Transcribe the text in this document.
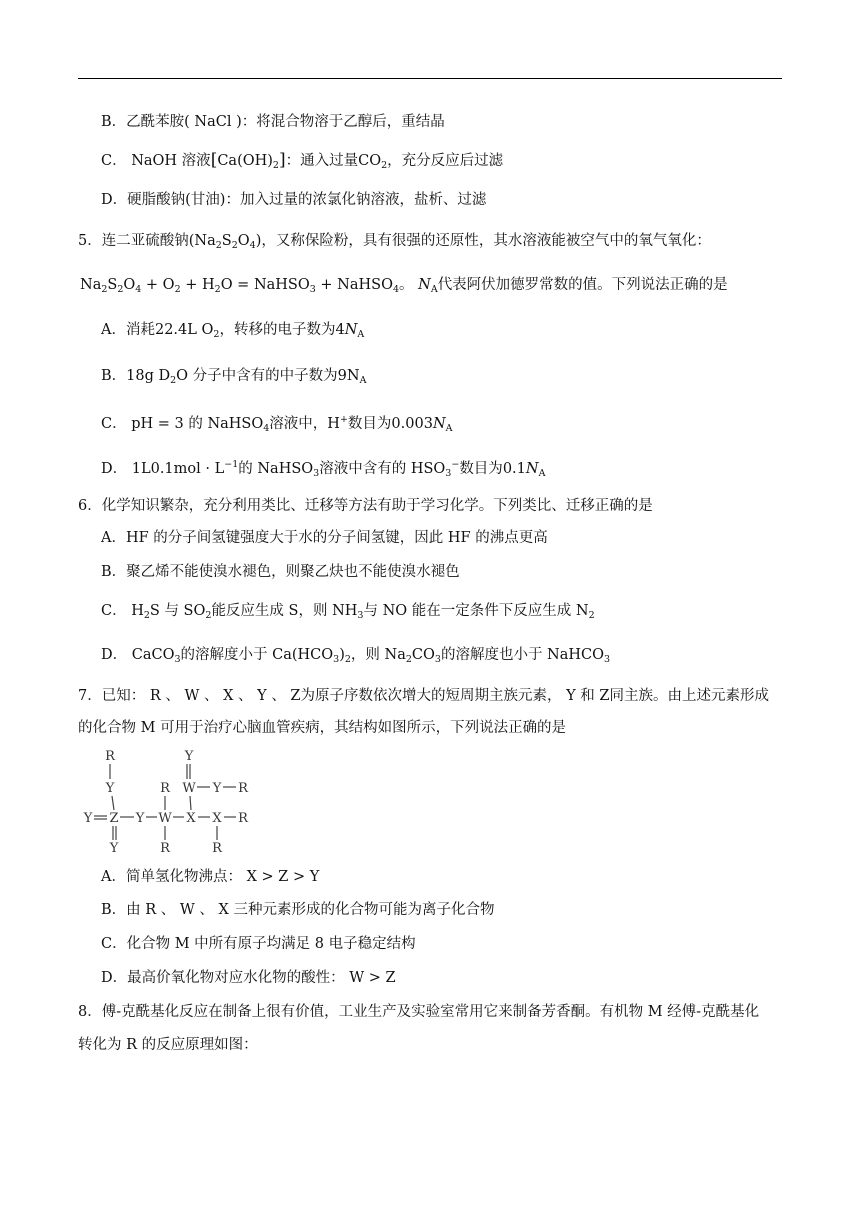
B．乙酰苯胺( NaCl )：将混合物溶于乙醇后，重结晶
C． NaOH 溶液$[Ca(OH)_2]$：通入过量$CO_2$，充分反应后过滤
D．硬脂酸钠(甘油)：加入过量的浓氯化钠溶液，盐析、过滤
5．连二亚硫酸钠$(Na_2S_2O_4)$，又称保险粉，具有很强的还原性，其水溶液能被空气中的氧气氧化：
$Na_2S_2O_4 + O_2 + H_2O$ = NaHSO$_3$ + NaHSO$_4$。 $N_A$代表阿伏加德罗常数的值。下列说法正确的是
A．消耗22.4L $O_2$，转移的电子数为$4N_A$
B．18g $D_2O$ 分子中含有的中子数为$9N_A$
C． pH = 3 的 NaHSO$_4$溶液中，H+数目为$0.003N_A$
D． $1L0.1mol \cdot L^{-1}$的 NaHSO$_3$溶液中含有的 $HSO_3^-$数目为$0.1N_A$
6．化学知识繁杂，充分利用类比、迁移等方法有助于学习化学。下列类比、迁移正确的是
A．HF 的分子间氢键强度大于水的分子间氢键，因此 HF 的沸点更高
B．聚乙烯不能使溴水褪色，则聚乙炔也不能使溴水褪色
C． $H_2S$ 与 $SO_2$能反应生成 S，则 $NH_3$与 NO 能在一定条件下反应生成 $N_2$
D． CaCO$_3$的溶解度小于 $Ca(HCO_3)_2$，则 $Na_2CO_3$的溶解度也小于 NaHCO$_3$
7．已知： R 、 W 、 X 、 Y 、 Z为原子序数依次增大的短周期主族元素， Y 和 Z同主族。由上述元素形成
的化合物 M 可用于治疗心脑血管疾病，其结构如图所示，下列说法正确的是
R
Y
Y Z Y
Y
R
W
R
X
Y
W Y R
X R
R
A．简单氢化物沸点： X > Z > Y
B．由 R 、 W 、 X 三种元素形成的化合物可能为离子化合物
C．化合物 M 中所有原子均满足 8 电子稳定结构
D．最高价氧化物对应水化物的酸性： W > Z
8．傅-克酰基化反应在制备上很有价值，工业生产及实验室常用它来制备芳香酮。有机物 M 经傅-克酰基化
转化为 R 的反应原理如图：
